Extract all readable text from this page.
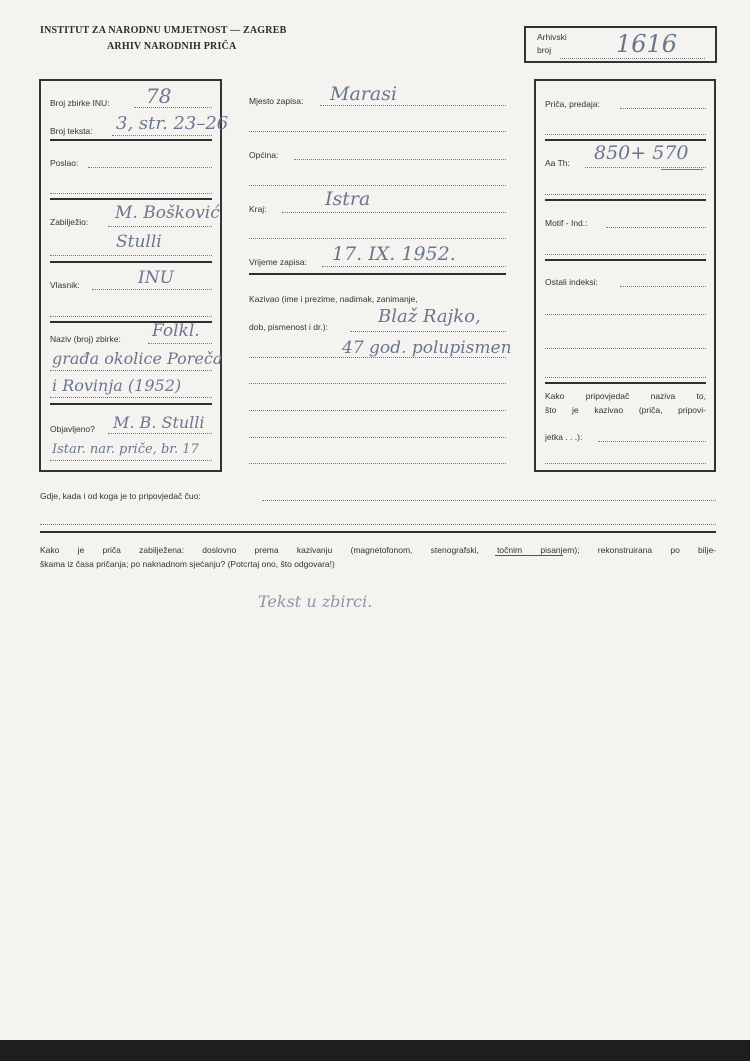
INSTITUT ZA NARODNU UMJETNOST — ZAGREB
ARHIV NARODNIH PRIČA
Arhivski
broj	1616
Broj zbirke INU: 78
Broj teksta: 3, str. 23–26
Poslao:
Zabilježio: M. Bošković
Stulli
Vlasnik:	INU
Naziv (broj) zbirke: Folkl.
građa okolice Poreča
i Rovinja (1952)
Objavljeno? M. B. Stulli
Istar. nar. priče, br. 17
Mjesto zapisa: Marasi
Općina:
Kraj:	Istra
Vrijeme zapisa: 17. IX. 1952.
Kazivao (ime i prezime, nadimak, zanimanje,
dob, pismenost i dr.):	Blaž Rajko,
47 god. polupismen
Priča, predaja:
Aa Th: 850+ 570
Motif - Ind.:
Ostali indeksi:
Kako pripovjedač naziva to,
što je kazivao (priča, pripovi-
jetka . . .):
Gdje, kada i od koga je to pripovjedač čuo:
Kako je priča zabilježena: doslovno prema kazivanju (magnetofonom, stenografski, točnim pisanjem); rekonstruirana po bilje-
škama iz časa pričanja; po naknadnom sjećanju? (Potcrtaj ono, što odgovara!)
Tekst u zbirci.
